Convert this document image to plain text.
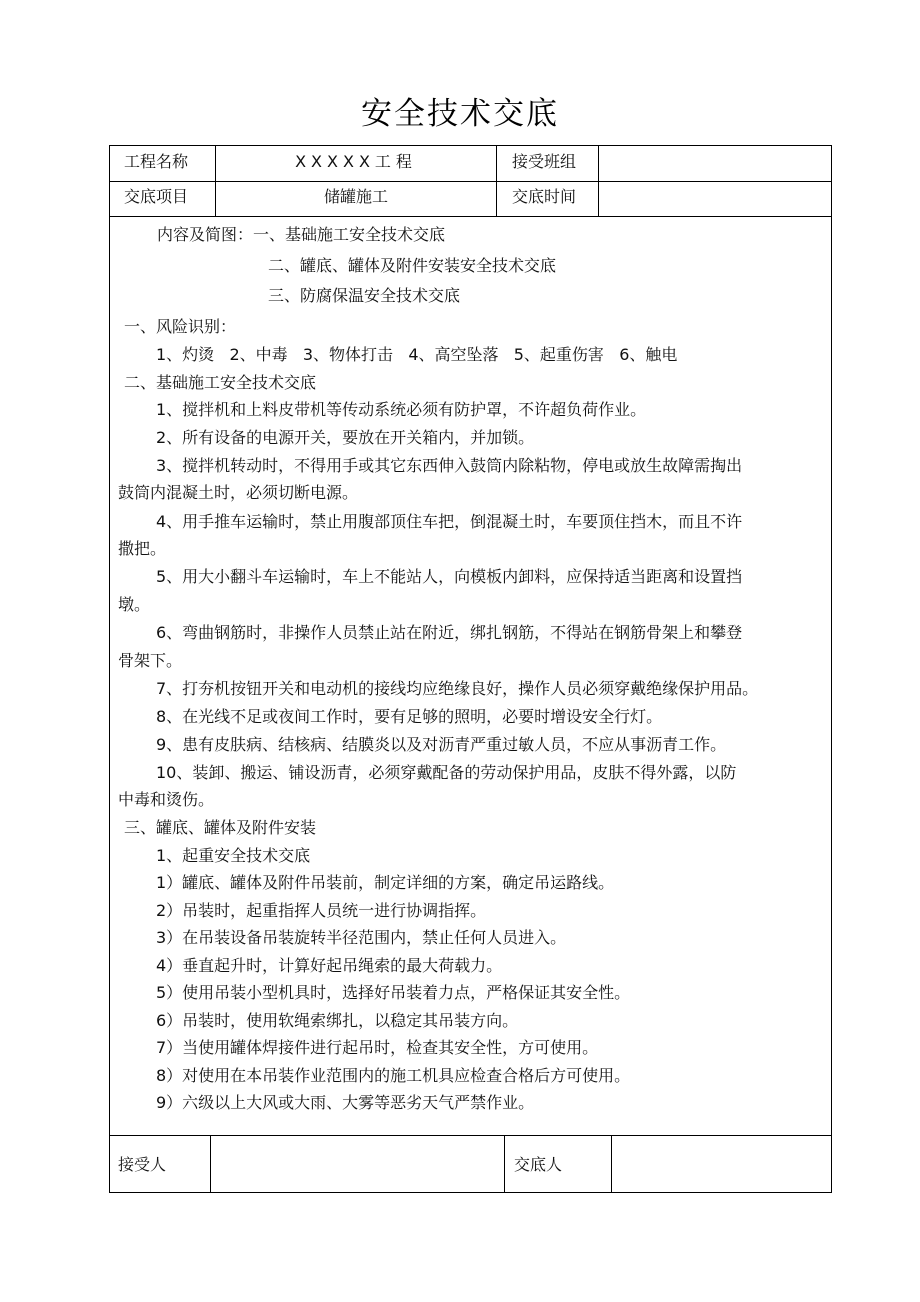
安全技术交底
工程名称	XXXXX工程	接受班组
交底项目	储罐施工	交底时间
内容及简图：一、基础施工安全技术交底
二、罐底、罐体及附件安装安全技术交底
三、防腐保温安全技术交底
一、风险识别：
1、灼烫   2、中毒   3、物体打击   4、高空坠落   5、起重伤害   6、触电
二、基础施工安全技术交底
1、搅拌机和上料皮带机等传动系统必须有防护罩，不许超负荷作业。
2、所有设备的电源开关，要放在开关箱内，并加锁。
3、搅拌机转动时，不得用手或其它东西伸入鼓筒内除粘物，停电或放生故障需掏出
鼓筒内混凝土时，必须切断电源。
4、用手推车运输时，禁止用腹部顶住车把，倒混凝土时，车要顶住挡木，而且不许
撒把。
5、用大小翻斗车运输时，车上不能站人，向模板内卸料，应保持适当距离和设置挡
墩。
6、弯曲钢筋时，非操作人员禁止站在附近，绑扎钢筋，不得站在钢筋骨架上和攀登
骨架下。
7、打夯机按钮开关和电动机的接线均应绝缘良好，操作人员必须穿戴绝缘保护用品。
8、在光线不足或夜间工作时，要有足够的照明，必要时增设安全行灯。
9、患有皮肤病、结核病、结膜炎以及对沥青严重过敏人员，不应从事沥青工作。
10、装卸、搬运、铺设沥青，必须穿戴配备的劳动保护用品，皮肤不得外露，以防
中毒和烫伤。
三、罐底、罐体及附件安装
1、起重安全技术交底
1）罐底、罐体及附件吊装前，制定详细的方案，确定吊运路线。
2）吊装时，起重指挥人员统一进行协调指挥。
3）在吊装设备吊装旋转半径范围内，禁止任何人员进入。
4）垂直起升时，计算好起吊绳索的最大荷载力。
5）使用吊装小型机具时，选择好吊装着力点，严格保证其安全性。
6）吊装时，使用软绳索绑扎，以稳定其吊装方向。
7）当使用罐体焊接件进行起吊时，检查其安全性，方可使用。
8）对使用在本吊装作业范围内的施工机具应检查合格后方可使用。
9）六级以上大风或大雨、大雾等恶劣天气严禁作业。
接受人	交底人
